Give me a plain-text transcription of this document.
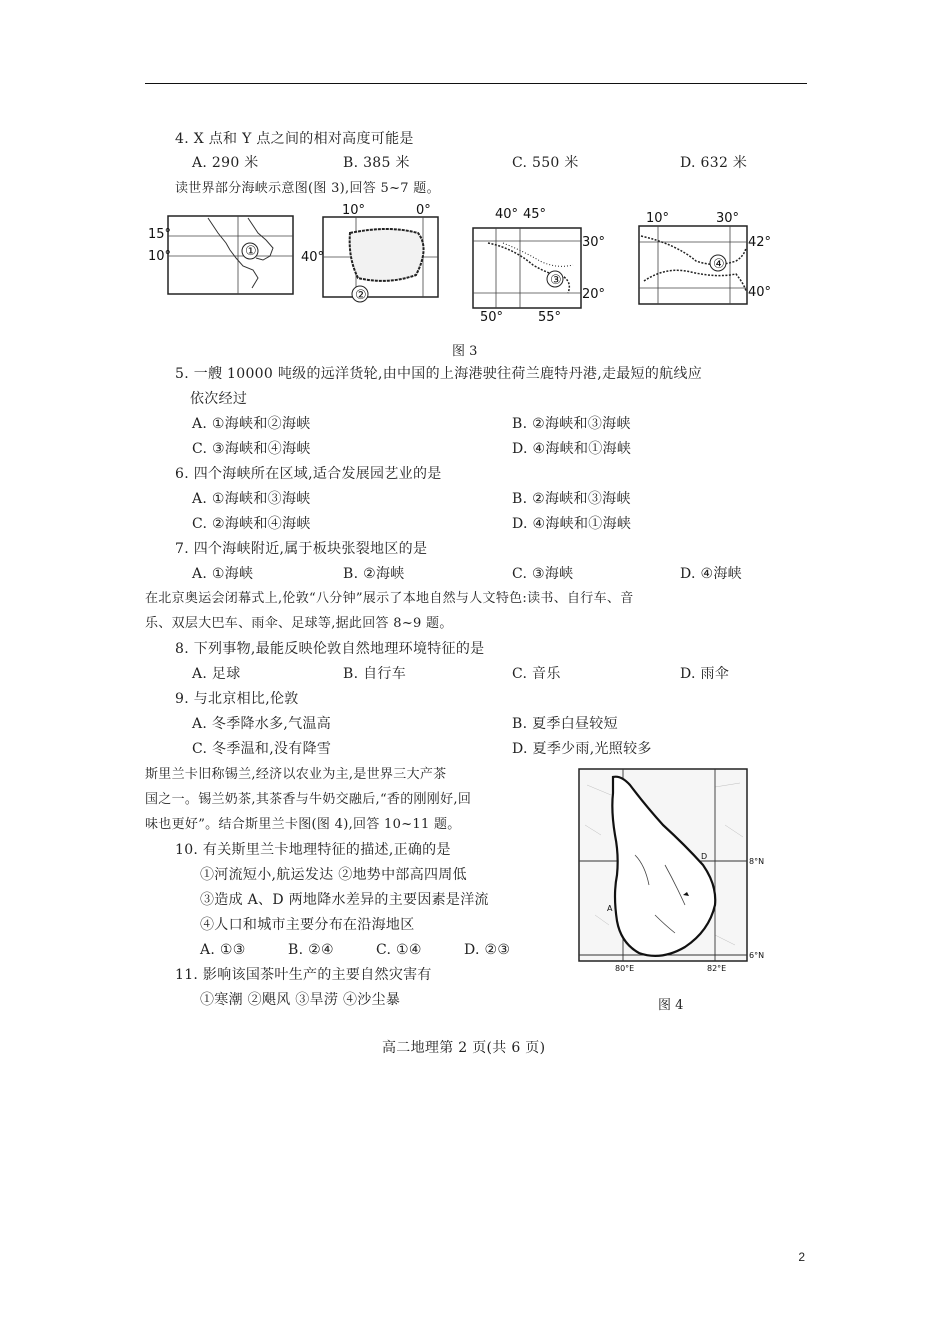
4. X 点和 Y 点之间的相对高度可能是
A. 290 米	B. 385 米	C. 550 米	D. 632 米
读世界部分海峡示意图(图 3),回答 5~7 题。
①
15°
10°
②
10°	0°
40°
③
40° 45°
30°
20°
50°	55°
④
10°	30°
42°
40°
图 3
5. 一艘 10000 吨级的远洋货轮,由中国的上海港驶往荷兰鹿特丹港,走最短的航线应
依次经过
A. ①海峡和②海峡	B. ②海峡和③海峡
C. ③海峡和④海峡	D. ④海峡和①海峡
6. 四个海峡所在区域,适合发展园艺业的是
A. ①海峡和③海峡	B. ②海峡和③海峡
C. ②海峡和④海峡	D. ④海峡和①海峡
7. 四个海峡附近,属于板块张裂地区的是
A. ①海峡	B. ②海峡	C. ③海峡	D. ④海峡
在北京奥运会闭幕式上,伦敦“八分钟”展示了本地自然与人文特色:读书、自行车、音
乐、双层大巴车、雨伞、足球等,据此回答 8~9 题。
8. 下列事物,最能反映伦敦自然地理环境特征的是
A. 足球	B. 自行车	C. 音乐	D. 雨伞
9. 与北京相比,伦敦
A. 冬季降水多,气温高	B. 夏季白昼较短
C. 冬季温和,没有降雪	D. 夏季少雨,光照较多
斯里兰卡旧称锡兰,经济以农业为主,是世界三大产茶
国之一。锡兰奶茶,其茶香与牛奶交融后,“香的刚刚好,回
味也更好”。结合斯里兰卡图(图 4),回答 10~11 题。
10. 有关斯里兰卡地理特征的描述,正确的是
①河流短小,航运发达 ②地势中部高四周低
③造成 A、D 两地降水差异的主要因素是洋流
④人口和城市主要分布在沿海地区
A. ①③	B. ②④	C. ①④	D. ②③
11. 影响该国茶叶生产的主要自然灾害有
①寒潮 ②飓风 ③旱涝 ④沙尘暴
A
D
8°N
6°N
80°E	82°E
图 4
高二地理第 2 页(共 6 页)
2
